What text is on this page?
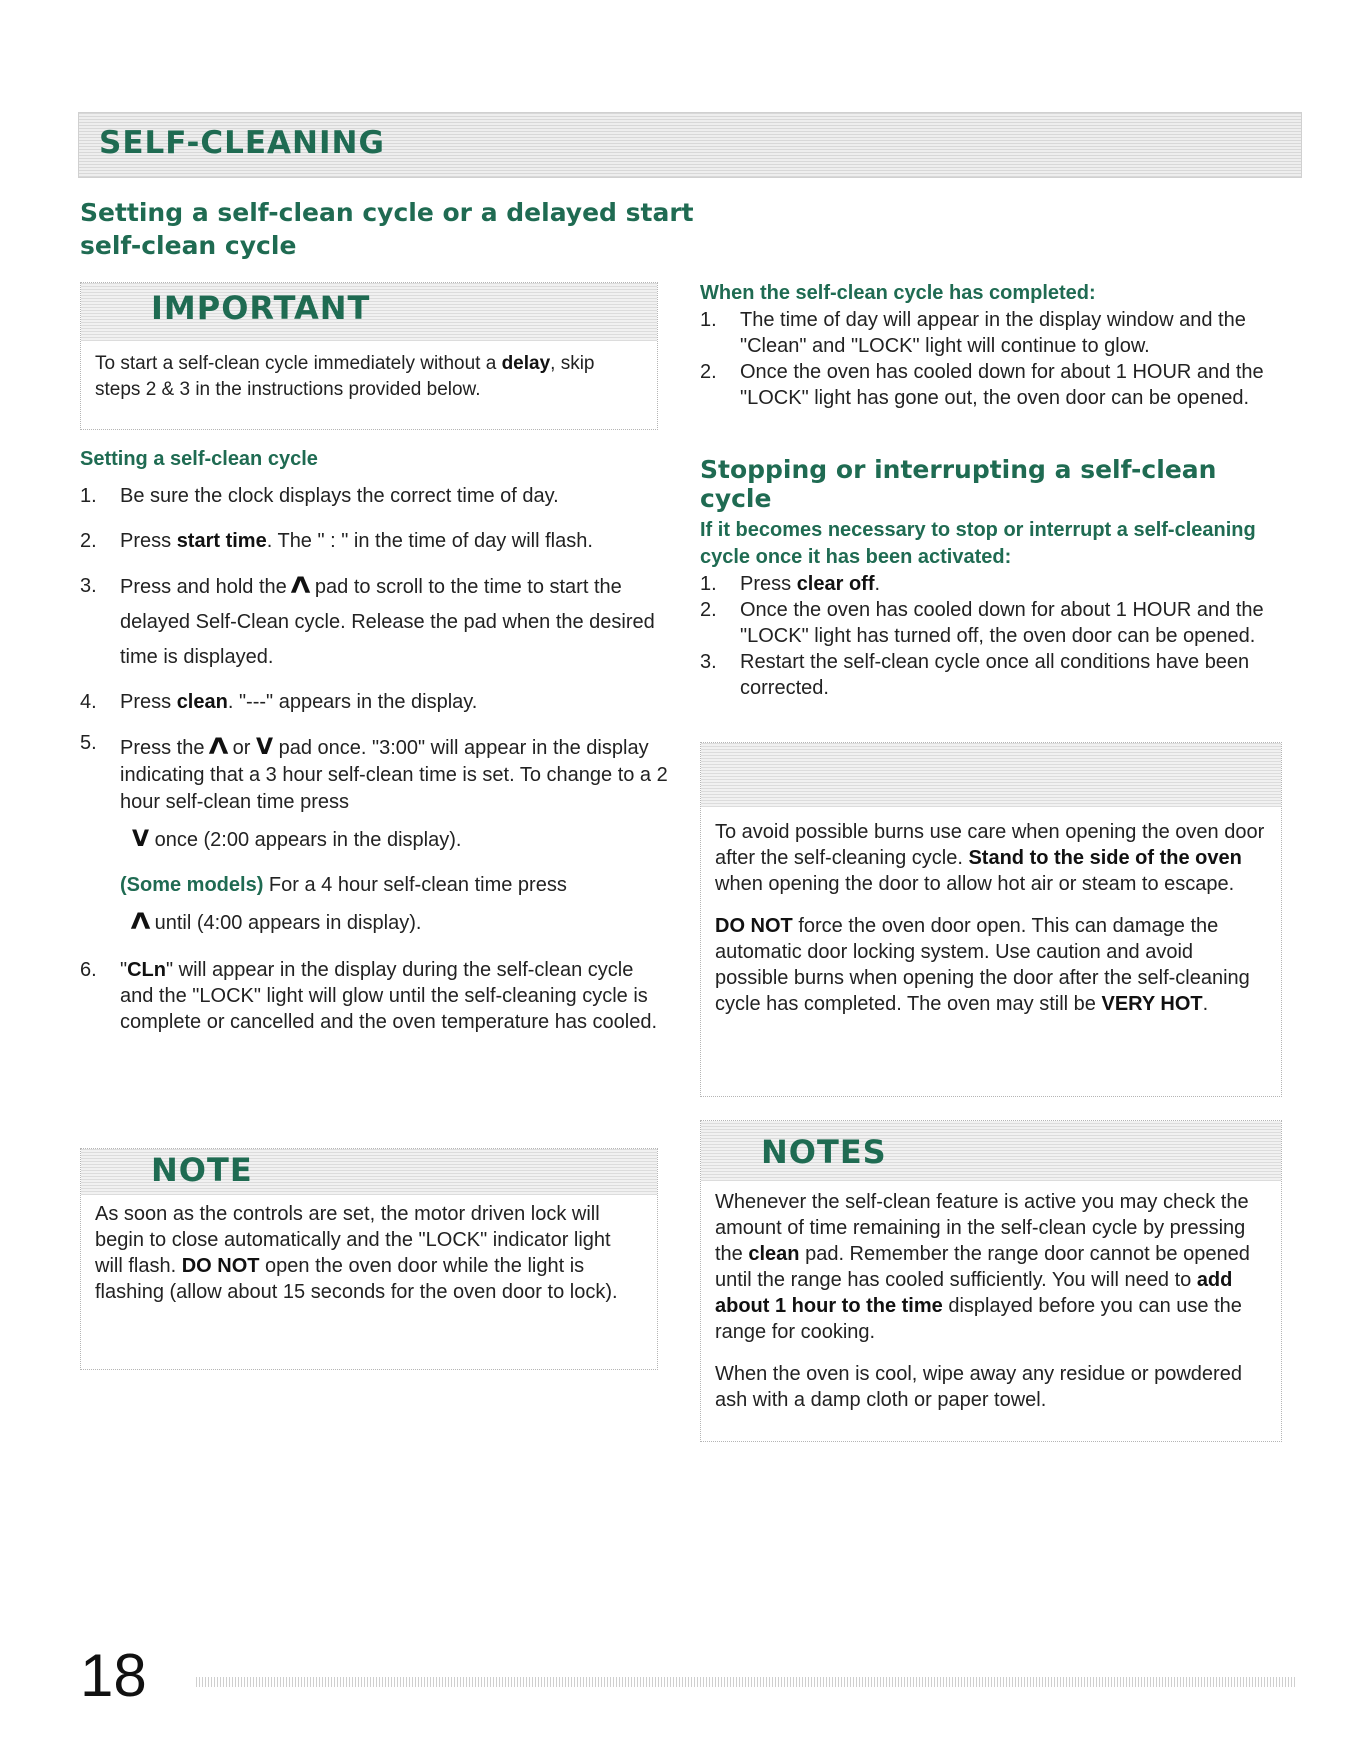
SELF-CLEANING
Setting a self-clean cycle or a delayed start self-clean cycle
IMPORTANT
To start a self-clean cycle immediately without a delay, skip steps 2 & 3 in the instructions provided below.
Setting a self-clean cycle
1. Be sure the clock displays the correct time of day.
2. Press start time. The " : " in the time of day will flash.
3. Press and hold the Λ pad to scroll to the time to start the delayed Self-Clean cycle. Release the pad when the desired time is displayed.
4. Press clean. "---" appears in the display.
5. Press the Λ or V pad once. "3:00" will appear in the display indicating that a 3 hour self-clean time is set. To change to a 2 hour self-clean time press
V once (2:00 appears in the display).
(Some models) For a 4 hour self-clean time press
Λ until (4:00 appears in display).
6. "CLn" will appear in the display during the self-clean cycle and the "LOCK" light will glow until the self-cleaning cycle is complete or cancelled and the oven temperature has cooled.
NOTE
As soon as the controls are set, the motor driven lock will begin to close automatically and the "LOCK" indicator light will flash. DO NOT open the oven door while the light is flashing (allow about 15 seconds for the oven door to lock).
When the self-clean cycle has completed:
1. The time of day will appear in the display window and the "Clean" and "LOCK" light will continue to glow.
2. Once the oven has cooled down for about 1 HOUR and the "LOCK" light has gone out, the oven door can be opened.
Stopping or interrupting a self-clean cycle

If it becomes necessary to stop or interrupt a self-cleaning cycle once it has been activated:

1. Press clear off.
2. Once the oven has cooled down for about 1 HOUR and the "LOCK" light has turned off, the oven door can be opened.
3. Restart the self-clean cycle once all conditions have been corrected.

To avoid possible burns use care when opening the oven door after the self-cleaning cycle. Stand to the side of the oven when opening the door to allow hot air or steam to escape.

DO NOT force the oven door open. This can damage the automatic door locking system. Use caution and avoid possible burns when opening the door after the self-cleaning cycle has completed. The oven may still be VERY HOT.

NOTES

Whenever the self-clean feature is active you may check the amount of time remaining in the self-clean cycle by pressing the clean pad. Remember the range door cannot be opened until the range has cooled sufficiently. You will need to add about 1 hour to the time displayed before you can use the range for cooking.

When the oven is cool, wipe away any residue or powdered ash with a damp cloth or paper towel.

18
